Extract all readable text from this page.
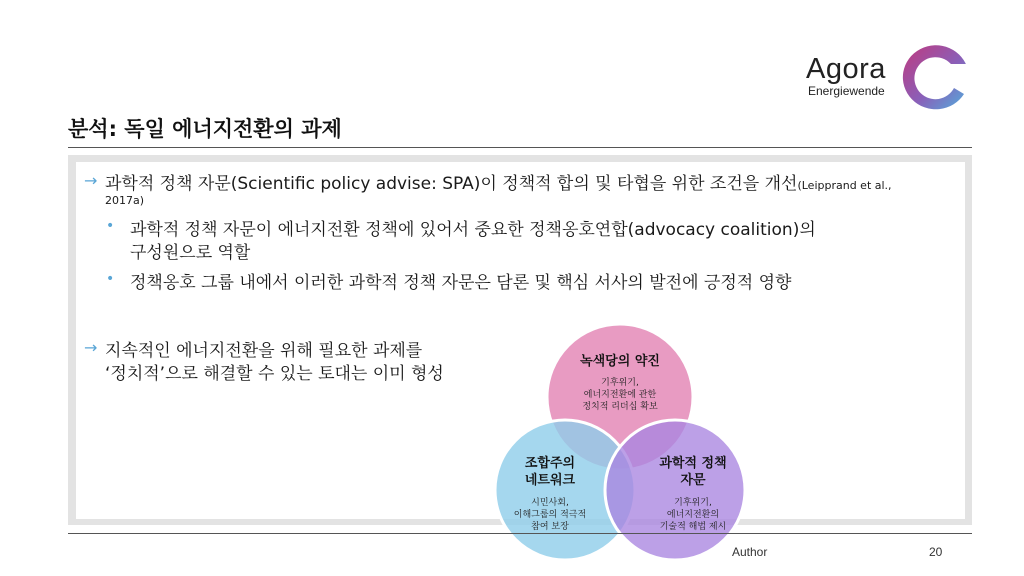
Agora
Energiewende
분석: 독일 에너지전환의 과제
→ 과학적 정책 자문(Scientific policy advise: SPA)이 정책적 합의 및 타협을 위한 조건을 개선(Leipprand et al.,
2017a)
• 과학적 정책 자문이 에너지전환 정책에 있어서 중요한 정책옹호연합(advocacy coalition)의
구성원으로 역할
• 정책옹호 그룹 내에서 이러한 과학적 정책 자문은 담론 및 핵심 서사의 발전에 긍정적 영향
→ 지속적인 에너지전환을 위해 필요한 과제를
‘정치적’으로 해결할 수 있는 토대는 이미 형성
녹색당의 약진
기후위기,
에너지전환에 관한
정치적 리더십 확보
조합주의
네트워크
시민사회,
이해그룹의 적극적
참여 보장
과학적 정책
자문
기후위기,
에너지전환의
기술적 해법 제시
Author	20
